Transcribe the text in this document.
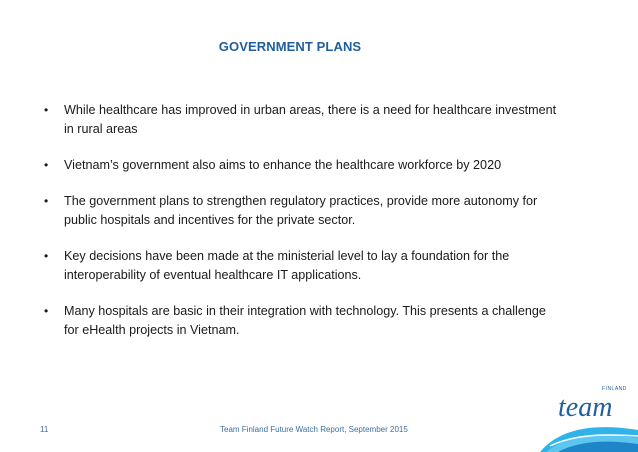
GOVERNMENT PLANS
• While healthcare has improved in urban areas, there is a need for healthcare investment in rural areas
• Vietnam’s government also aims to enhance the healthcare workforce by 2020
• The government plans to strengthen regulatory practices, provide more autonomy for public hospitals and incentives for the private sector.
• Key decisions have been made at the ministerial level to lay a foundation for the interoperability of eventual healthcare IT applications.
• Many hospitals are basic in their integration with technology. This presents a challenge for eHealth projects in Vietnam.
11	Team Finland Future Watch Report, September 2015
FINLAND
team
